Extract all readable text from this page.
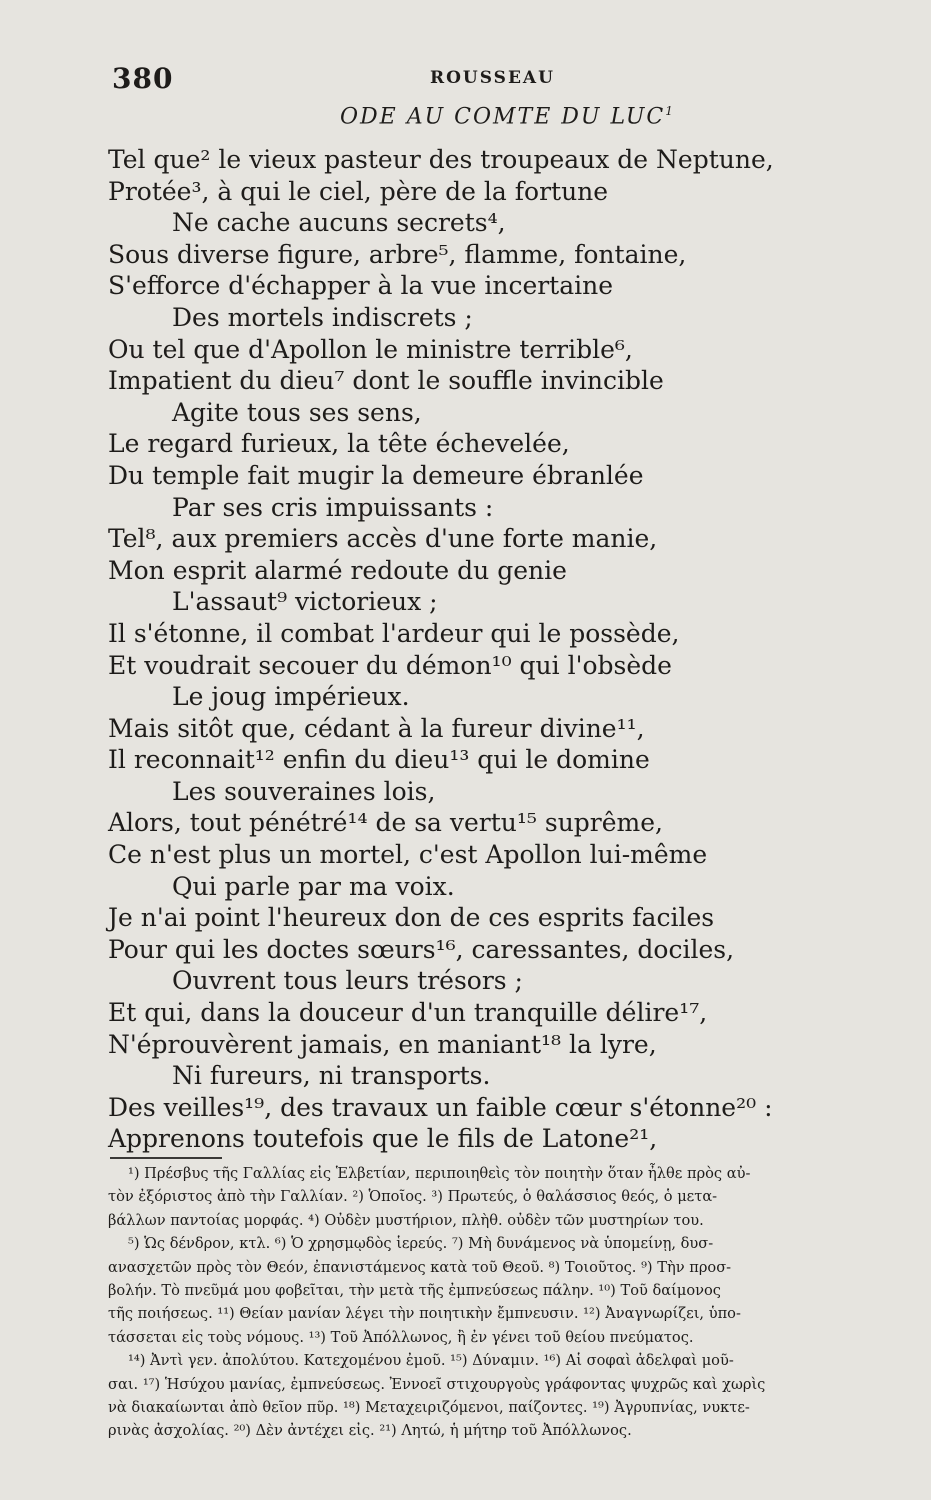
380	ROUSSEAU
ODE AU COMTE DU LUC$^1$
Tel que² le vieux pasteur des troupeaux de Neptune,
Protée³, à qui le ciel, père de la fortune
Ne cache aucuns secrets⁴,
Sous diverse figure, arbre⁵, flamme, fontaine,
S'efforce d'échapper à la vue incertaine
Des mortels indiscrets ;
Ou tel que d'Apollon le ministre terrible⁶,
Impatient du dieu⁷ dont le souffle invincible
Agite tous ses sens,
Le regard furieux, la tête échevelée,
Du temple fait mugir la demeure ébranlée
Par ses cris impuissants :
Tel⁸, aux premiers accès d'une forte manie,
Mon esprit alarmé redoute du genie
L'assaut⁹ victorieux ;
Il s'étonne, il combat l'ardeur qui le possède,
Et voudrait secouer du démon¹⁰ qui l'obsède
Le joug impérieux.
Mais sitôt que, cédant à la fureur divine¹¹,
Il reconnait¹² enfin du dieu¹³ qui le domine
Les souveraines lois,
Alors, tout pénétré¹⁴ de sa vertu¹⁵ suprême,
Ce n'est plus un mortel, c'est Apollon lui-même
Qui parle par ma voix.
Je n'ai point l'heureux don de ces esprits faciles
Pour qui les doctes sœurs¹⁶, caressantes, dociles,
Ouvrent tous leurs trésors ;
Et qui, dans la douceur d'un tranquille délire¹⁷,
N'éprouvèrent jamais, en maniant¹⁸ la lyre,
Ni fureurs, ni transports.
Des veilles¹⁹, des travaux un faible cœur s'étonne²⁰ :
Apprenons toutefois que le fils de Latone²¹,
¹) Πρέσβυς τῆς Γαλλίας εἰς Ἑλβετίαν, περιποιηθεὶς τὸν ποιητὴν ὅταν ἦλθε πρὸς αὐ-
τὸν ἐξόριστος ἀπὸ τὴν Γαλλίαν. ²) Ὁποῖος. ³) Πρωτεύς, ὁ θαλάσσιος θεός, ὁ μετα-
βάλλων παντοίας μορφάς. ⁴) Οὐδὲν μυστήριον, πλὴθ. οὐδὲν τῶν μυστηρίων του.
⁵) Ὡς δένδρον, κτλ. ⁶) Ὁ χρησμῳδὸς ἱερεύς. ⁷) Μὴ δυνάμενος νὰ ὑπομείνῃ, δυσ-
ανασχετῶν πρὸς τὸν Θεόν, ἐπανιστάμενος κατὰ τοῦ Θεοῦ. ⁸) Τοιοῦτος. ⁹) Τὴν προσ-
βολήν. Τὸ πνεῦμά μου φοβεῖται, τὴν μετὰ τῆς ἐμπνεύσεως πάλην. ¹⁰) Τοῦ δαίμονος
τῆς ποιήσεως. ¹¹) Θείαν μανίαν λέγει τὴν ποιητικὴν ἔμπνευσιν. ¹²) Ἀναγνωρίζει, ὑπο-
τάσσεται εἰς τοὺς νόμους. ¹³) Τοῦ Ἀπόλλωνος, ἢ ἐν γένει τοῦ θείου πνεύματος.
¹⁴) Ἀντὶ γεν. ἀπολύτου. Κατεχομένου ἐμοῦ. ¹⁵) Δύναμιν. ¹⁶) Αἱ σοφαὶ ἀδελφαὶ μοῦ-
σαι. ¹⁷) Ἡσύχου μανίας, ἐμπνεύσεως. Ἐννοεῖ στιχουργοὺς γράφοντας ψυχρῶς καὶ χωρὶς
νὰ διακαίωνται ἀπὸ θεῖον πῦρ. ¹⁸) Μεταχειριζόμενοι, παίζοντες. ¹⁹) Ἀγρυπνίας, νυκτε-
ρινὰς ἀσχολίας. ²⁰) Δὲν ἀντέχει εἰς. ²¹) Λητώ, ἡ μήτηρ τοῦ Ἀπόλλωνος.
